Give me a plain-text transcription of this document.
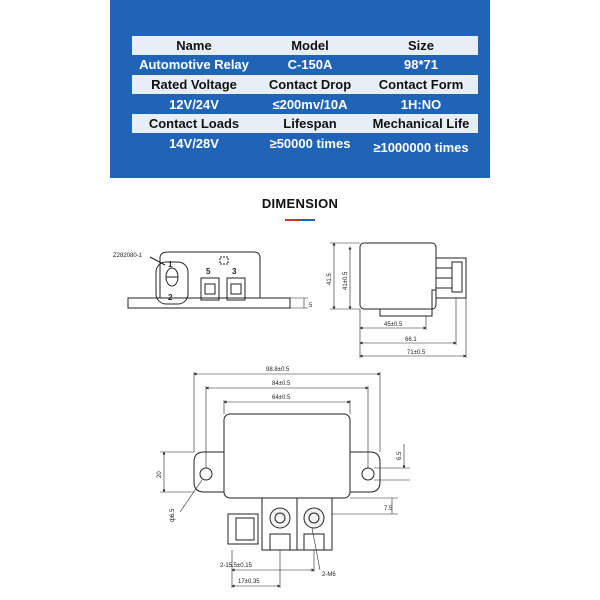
Name	Model	Size
Automotive Relay	C-150A	98*71
Rated Voltage	Contact Drop	Contact Form
12V/24V	≤200mv/10A	1H:NO
Contact Loads	Lifespan	Mechanical Life
14V/28V	≥50000 times	≥1000000 times
DIMENSION
Z282080-1
1
2
5	3
5
41.5 41±0.5
45±0.5
66.1
71±0.5
98.8±0.5
84±0.5
64±0.5
20
ф6.5
6.5
7.5
2-15.5±0.15
17±0.35
2-M6
